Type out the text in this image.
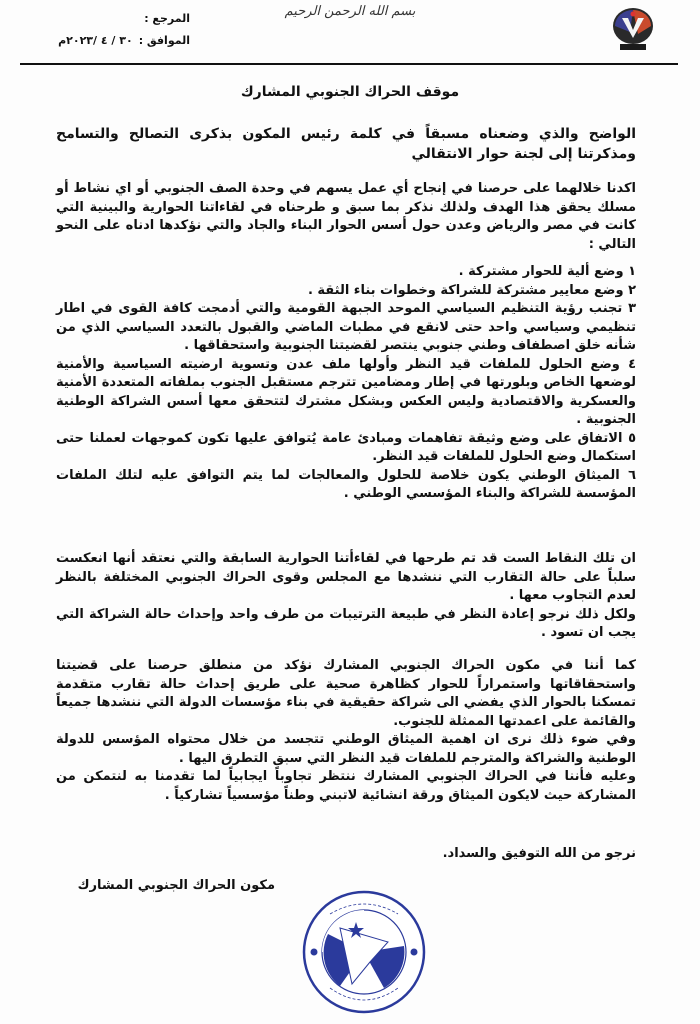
بسم الله الرحمن الرحيم
المرجع :
الموافق :
٣٠ / ٤ /٢٠٢٣م
موقف الحراك الجنوبي المشارك

الواضح والذي وضعناه مسبقاً في كلمة رئيس المكون بذكرى التصالح والتسامح ومذكرتنا إلى لجنة حوار الانتقالي

اكدنا خلالهما على حرصنا في إنجاح أي عمل يسهم في وحدة الصف الجنوبي أو اي نشاط أو مسلك يحقق هذا الهدف ولذلك نذكر بما سبق و طرحناه في لقاءاتنا الحوارية والبينية التي كانت في مصر والرياض وعدن حول أسس الحوار البناء والجاد والتي نؤكدها ادناه على النحو التالي :

١ وضع ألية للحوار مشتركة .

٢ وضع معايير مشتركة للشراكة وخطوات بناء الثقة .

٣ تجنب رؤية التنظيم السياسي الموحد الجبهة القومية والتي أدمجت كافة القوى في اطار تنظيمي وسياسي واحد حتى لانقع في مطبات الماضي والقبول بالتعدد السياسي الذي من شأنه خلق اصطفاف وطني جنوبي ينتصر لقضيتنا الجنوبية واستحقاقها .

٤ وضع الحلول للملفات قيد النظر وأولها ملف عدن وتسوية ارضيته السياسية والأمنية لوضعها الخاص وبلورتها في إطار ومضامين تترجم مستقبل الجنوب بملفاته المتعددة الأمنية والعسكرية والاقتصادية وليس العكس وبشكل مشترك لتتحقق معها أسس الشراكة الوطنية الجنوبية .

٥ الاتفاق على وضع وثيقة تفاهمات ومبادئ عامة يُتوافق عليها تكون كموجهات لعملنا حتى استكمال وضع الحلول للملفات قيد النظر.

٦ الميثاق الوطني يكون خلاصة للحلول والمعالجات لما يتم التوافق عليه لتلك الملفات المؤسسة للشراكة والبناء المؤسسي الوطني .

ان تلك النقاط الست قد تم طرحها في لقاءأتنا الحوارية السابقة والتي نعتقد أنها انعكست سلباً على حالة التقارب التي ننشدها مع المجلس وقوى الحراك الجنوبي المختلفة بالنظر لعدم التجاوب معها .

ولكل ذلك نرجو إعادة النظر في طبيعة الترتيبات من طرف واحد وإحداث حالة الشراكة التي يجب ان تسود .

كما أننا في مكون الحراك الجنوبي المشارك نؤكد من منطلق حرصنا على قضيتنا واستحقاقاتها واستمراراً للحوار كظاهرة صحية على طريق إحداث حالة تقارب متقدمة تمسكنا بالحوار الذي يفضي الى شراكة حقيقية في بناء مؤسسات الدولة التي ننشدها جميعاً والقائمة على اعمدتها الممثلة للجنوب.

وفي ضوء ذلك نرى ان اهمية الميثاق الوطني تتجسد من خلال محتواه المؤسس للدولة الوطنية والشراكة والمترجم للملفات قيد النظر التي سبق التطرق اليها .

وعليه فأننا في الحراك الجنوبي المشارك ننتظر تجاوباً ايجابياً لما تقدمنا به لنتمكن من المشاركة حيث لايكون الميثاق ورقة انشائية لاتبني وطناً مؤسسياً تشاركياً .

نرجو من الله التوفيق والسداد.

مكون الحراك الجنوبي المشارك
